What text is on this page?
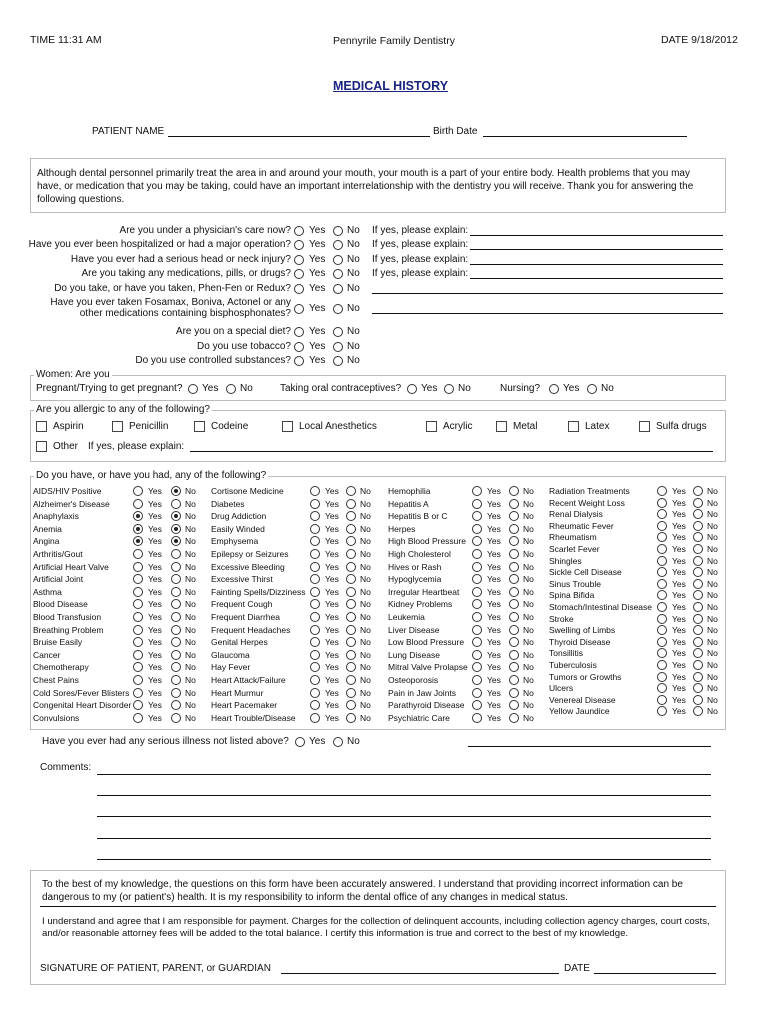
TIME 11:31 AM	Pennyrile Family Dentistry	DATE 9/18/2012
MEDICAL HISTORY
PATIENT NAME	Birth Date
Although dental personnel primarily treat the area in and around your mouth, your mouth is a part of your entire body. Health problems that you may have, or medication that you may be taking, could have an important interrelationship with the dentistry you will receive. Thank you for answering the following questions.
Are you under a physician's care now? Yes No If yes, please explain:
Have you ever been hospitalized or had a major operation? Yes No If yes, please explain:
Have you ever had a serious head or neck injury? Yes No If yes, please explain:
Are you taking any medications, pills, or drugs? Yes No If yes, please explain:
Do you take, or have you taken, Phen-Fen or Redux? Yes No
Have you ever taken Fosamax, Boniva, Actonel or any
other medications containing bisphosphonates? Yes No
Are you on a special diet? Yes No
Do you use tobacco? Yes No
Do you use controlled substances? Yes No
Women: Are you
Pregnant/Trying to get pregnant? Yes No	Taking oral contraceptives? Yes No	Nursing? Yes No
Are you allergic to any of the following?
Aspirin	Penicillin	Codeine	Local Anesthetics	Acrylic	Metal	Latex	Sulfa drugs
Other If yes, please explain:
Do you have, or have you had, any of the following?
AIDS/HIV Positive	Yes	No
Alzheimer's Disease	Yes	No
Anaphylaxis	Yes	No
Anemia	Yes	No
Angina	Yes	No
Arthritis/Gout	Yes	No
Artificial Heart Valve	Yes	No
Artificial Joint	Yes	No
Asthma	Yes	No
Blood Disease	Yes	No
Blood Transfusion	Yes	No
Breathing Problem	Yes	No
Bruise Easily	Yes	No
Cancer	Yes	No
Chemotherapy	Yes	No
Chest Pains	Yes	No
Cold Sores/Fever Blisters Yes	No
Congenital Heart Disorder Yes	No
Convulsions	Yes	No
Cortisone Medicine	Yes No
Diabetes	Yes No
Drug Addiction	Yes No
Easily Winded	Yes No
Emphysema	Yes No
Epilepsy or Seizures	Yes No
Excessive Bleeding	Yes No
Excessive Thirst	Yes No
Fainting Spells/Dizziness Yes No
Frequent Cough	Yes No
Frequent Diarrhea	Yes No
Frequent Headaches	Yes No
Genital Herpes	Yes No
Glaucoma	Yes No
Hay Fever	Yes No
Heart Attack/Failure	Yes No
Heart Murmur	Yes No
Heart Pacemaker	Yes No
Heart Trouble/Disease	Yes No
Hemophilia	Yes	No
Hepatitis A	Yes	No
Hepatitis B or C	Yes	No
Herpes	Yes	No
High Blood Pressure Yes	No
High Cholesterol	Yes	No
Hives or Rash	Yes	No
Hypoglycemia	Yes	No
Irregular Heartbeat	Yes	No
Kidney Problems	Yes	No
Leukemia	Yes	No
Liver Disease	Yes	No
Low Blood Pressure	Yes	No
Lung Disease	Yes	No
Mitral Valve Prolapse Yes	No
Osteoporosis	Yes	No
Pain in Jaw Joints	Yes	No
Parathyroid Disease	Yes	No
Psychiatric Care	Yes	No
Radiation Treatments	Yes No
Recent Weight Loss	Yes No
Renal Dialysis	Yes No
Rheumatic Fever	Yes No
Rheumatism	Yes No
Scarlet Fever	Yes No
Shingles	Yes No
Sickle Cell Disease	Yes No
Sinus Trouble	Yes No
Spina Bifida	Yes No
Stomach/Intestinal Disease Yes No
Stroke	Yes No
Swelling of Limbs	Yes No
Thyroid Disease	Yes No
Tonsillitis	Yes No
Tuberculosis	Yes No
Tumors or Growths	Yes No
Ulcers	Yes No
Venereal Disease	Yes No
Yellow Jaundice	Yes No
Have you ever had any serious illness not listed above? Yes No
Comments:
To the best of my knowledge, the questions on this form have been accurately answered. I understand that providing incorrect information can be dangerous to my (or patient's) health. It is my responsibility to inform the dental office of any changes in medical status.
I understand and agree that I am responsible for payment. Charges for the collection of delinquent accounts, including collection agency charges, court costs, and/or reasonable attorney fees will be added to the total balance. I certify this information is true and correct to the best of my knowledge.
SIGNATURE OF PATIENT, PARENT, or GUARDIAN	DATE
